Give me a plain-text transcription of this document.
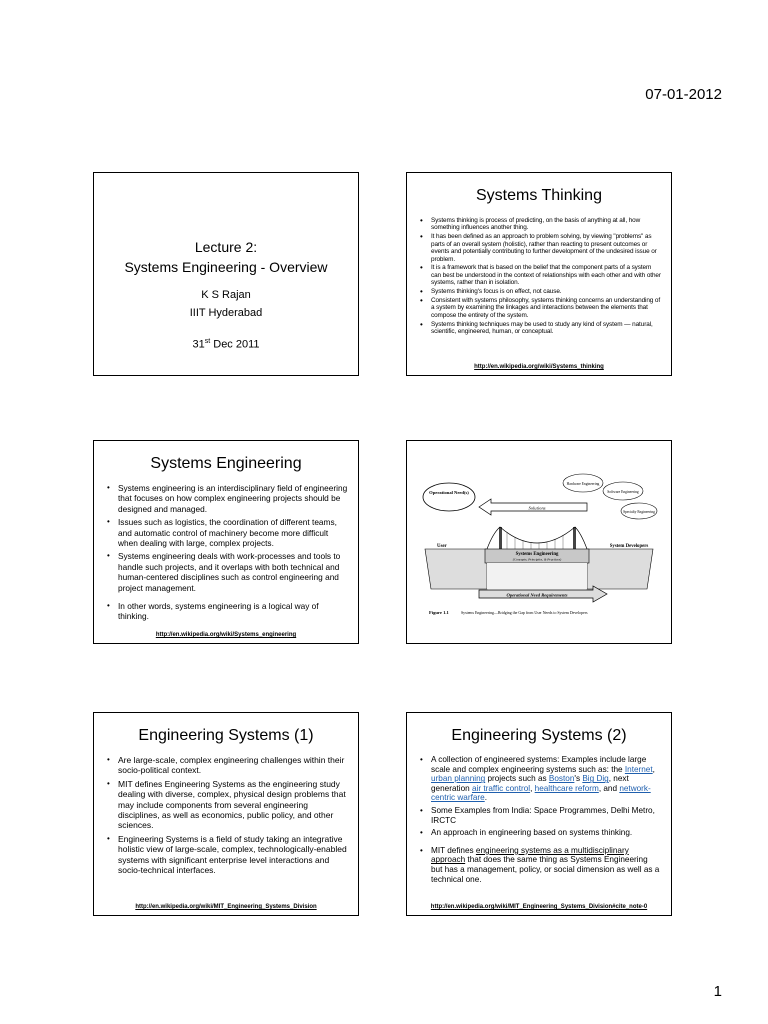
07-01-2012
Lecture 2:
Systems Engineering - Overview
K S Rajan
IIIT Hyderabad
31st Dec 2011
Systems Thinking
• Systems thinking is process of predicting, on the basis of anything at all, how something influences another thing.
• It has been defined as an approach to problem solving, by viewing "problems" as parts of an overall system (holistic), rather than reacting to present outcomes or events and potentially contributing to further development of the undesired issue or problem.
• It is a framework that is based on the belief that the component parts of a system can best be understood in the context of relationships with each other and with other systems, rather than in isolation.
• Systems thinking's focus is on effect, not cause.
• Consistent with systems philosophy, systems thinking concerns an understanding of a system by examining the linkages and interactions between the elements that compose the entirety of the system.
• Systems thinking techniques may be used to study any kind of system — natural, scientific, engineered, human, or conceptual.
http://en.wikipedia.org/wiki/Systems_thinking
Systems Engineering
• Systems engineering is an interdisciplinary field of engineering that focuses on how complex engineering projects should be designed and managed.
• Issues such as logistics, the coordination of different teams, and automatic control of machinery become more difficult when dealing with large, complex projects.
• Systems engineering deals with work-processes and tools to handle such projects, and it overlaps with both technical and human-centered disciplines such as control engineering and project management.
• In other words, systems engineering is a logical way of thinking.
http://en.wikipedia.org/wiki/Systems_engineering
Operational Need(s)
Hardware Engineering
Software Engineering
Specialty Engineering
Solutions
User	System Developers
Systems Engineering
(Concepts, Principles, & Practices)
Operational Need Requirements
Figure 1.1	Systems Engineering—Bridging the Gap from User Needs to System Developers
Engineering Systems (1)
• Are large-scale, complex engineering challenges within their socio-political context.
• MIT defines Engineering Systems as the engineering study dealing with diverse, complex, physical design problems that may include components from several engineering disciplines, as well as economics, public policy, and other sciences.
• Engineering Systems is a field of study taking an integrative holistic view of large-scale, complex, technologically-enabled systems with significant enterprise level interactions and socio-technical interfaces.
http://en.wikipedia.org/wiki/MIT_Engineering_Systems_Division
Engineering Systems (2)
• A collection of engineered systems: Examples include large scale and complex engineering systems such as: the Internet, urban planning projects such as Boston's Big Dig, next generation air traffic control, healthcare reform, and network-centric warfare.
• Some Examples from India: Space Programmes, Delhi Metro, IRCTC
• An approach in engineering based on systems thinking.
• MIT defines engineering systems as a multidisciplinary approach that does the same thing as Systems Engineering but has a management, policy, or social dimension as well as a technical one.
http://en.wikipedia.org/wiki/MIT_Engineering_Systems_Division#cite_note-0
1
